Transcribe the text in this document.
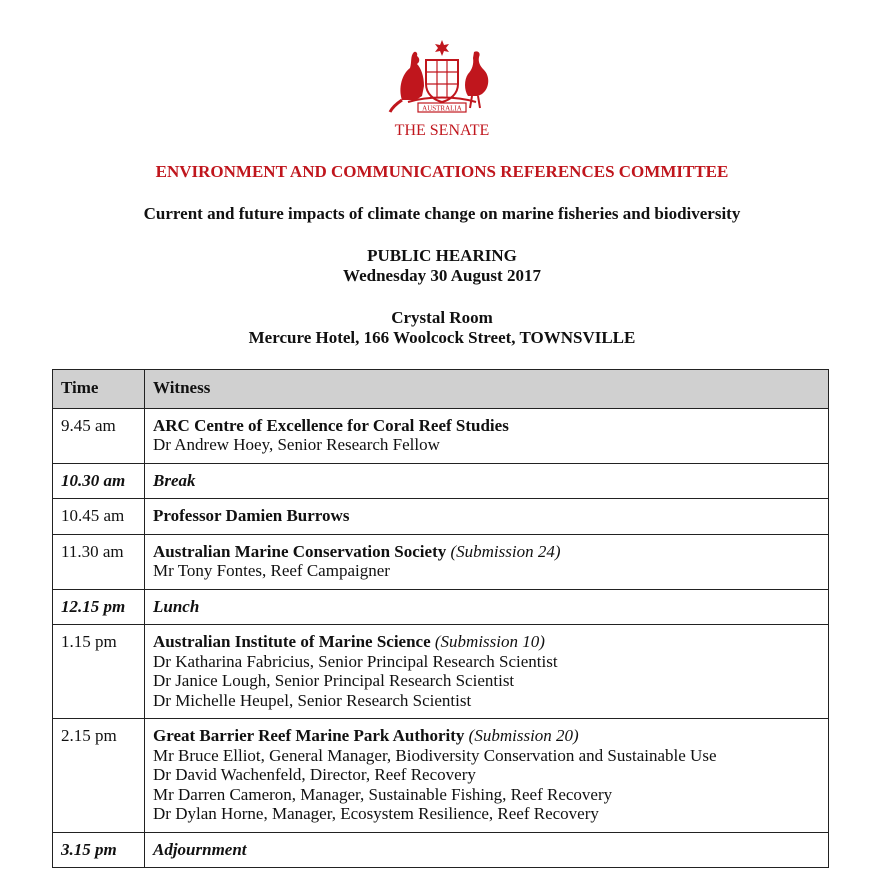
AUSTRALIA
THE SENATE
ENVIRONMENT AND COMMUNICATIONS REFERENCES COMMITTEE
Current and future impacts of climate change on marine fisheries and biodiversity
PUBLIC HEARING
Wednesday 30 August 2017
Crystal Room
Mercure Hotel, 166 Woolcock Street, TOWNSVILLE
Time	Witness
9.45 am	ARC Centre of Excellence for Coral Reef Studies
Dr Andrew Hoey, Senior Research Fellow

10.30 am	Break
10.45 am	Professor Damien Burrows
11.30 am	Australian Marine Conservation Society (Submission 24)
Mr Tony Fontes, Reef Campaigner

12.15 pm	Lunch
1.15 pm	Australian Institute of Marine Science (Submission 10)
Dr Katharina Fabricius, Senior Principal Research Scientist
Dr Janice Lough, Senior Principal Research Scientist
Dr Michelle Heupel, Senior Research Scientist

2.15 pm	Great Barrier Reef Marine Park Authority (Submission 20)
Mr Bruce Elliot, General Manager, Biodiversity Conservation and Sustainable Use
Dr David Wachenfeld, Director, Reef Recovery
Mr Darren Cameron, Manager, Sustainable Fishing, Reef Recovery
Dr Dylan Horne, Manager, Ecosystem Resilience, Reef Recovery

3.15 pm	Adjournment
